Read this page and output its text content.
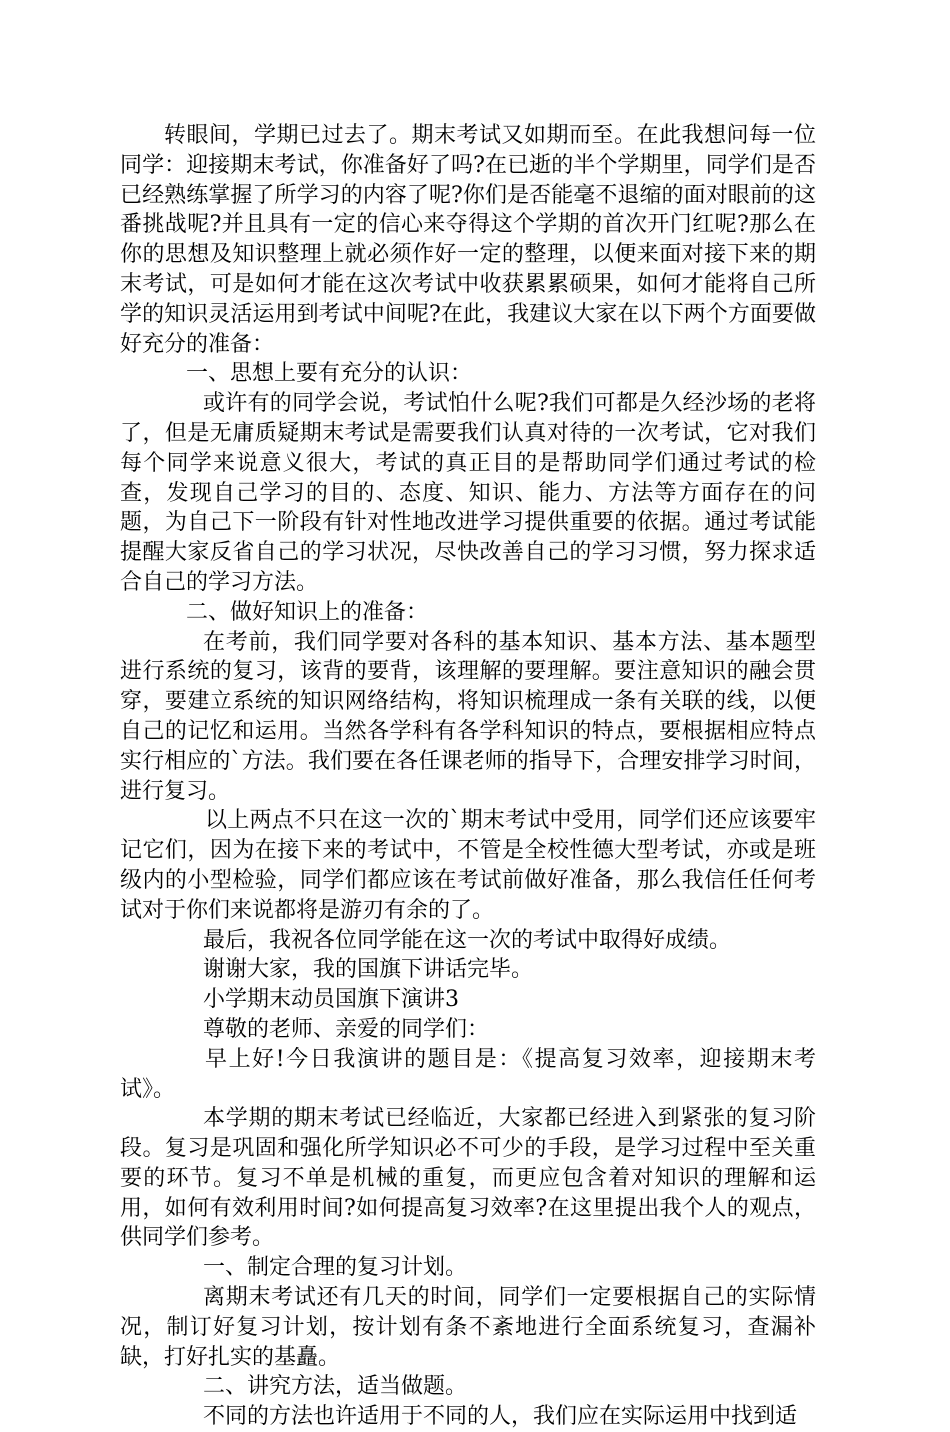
转眼间，学期已过去了。期末考试又如期而至。在此我想问每一位同学：迎接期末考试，你准备好了吗?在已逝的半个学期里，同学们是否已经熟练掌握了所学习的内容了呢?你们是否能毫不退缩的面对眼前的这番挑战呢?并且具有一定的信心来夺得这个学期的首次开门红呢?那么在你的思想及知识整理上就必须作好一定的整理，以便来面对接下来的期末考试，可是如何才能在这次考试中收获累累硕果，如何才能将自己所学的知识灵活运用到考试中间呢?在此，我建议大家在以下两个方面要做好充分的准备：

一、思想上要有充分的认识：

或许有的同学会说，考试怕什么呢?我们可都是久经沙场的老将了，但是无庸质疑期末考试是需要我们认真对待的一次考试，它对我们每个同学来说意义很大，考试的真正目的是帮助同学们通过考试的检查，发现自己学习的目的、态度、知识、能力、方法等方面存在的问题，为自己下一阶段有针对性地改进学习提供重要的依据。通过考试能提醒大家反省自己的学习状况，尽快改善自己的学习习惯，努力探求适合自己的学习方法。

二、做好知识上的准备：

在考前，我们同学要对各科的基本知识、基本方法、基本题型进行系统的复习，该背的要背，该理解的要理解。要注意知识的融会贯穿，要建立系统的知识网络结构，将知识梳理成一条有关联的线，以便自己的记忆和运用。当然各学科有各学科知识的特点，要根据相应特点实行相应的`方法。我们要在各任课老师的指导下，合理安排学习时间，进行复习。

以上两点不只在这一次的`期末考试中受用，同学们还应该要牢记它们，因为在接下来的考试中，不管是全校性德大型考试，亦或是班级内的小型检验，同学们都应该在考试前做好准备，那么我信任任何考试对于你们来说都将是游刃有余的了。

最后，我祝各位同学能在这一次的考试中取得好成绩。

谢谢大家，我的国旗下讲话完毕。

小学期末动员国旗下演讲3

尊敬的老师、亲爱的同学们：

早上好!今日我演讲的题目是：《提高复习效率，迎接期末考试》。

本学期的期末考试已经临近，大家都已经进入到紧张的复习阶段。复习是巩固和强化所学知识必不可少的手段，是学习过程中至关重要的环节。复习不单是机械的重复，而更应包含着对知识的理解和运用，如何有效利用时间?如何提高复习效率?在这里提出我个人的观点，供同学们参考。

一、制定合理的复习计划。

离期末考试还有几天的时间，同学们一定要根据自己的实际情况，制订好复习计划，按计划有条不紊地进行全面系统复习，查漏补缺，打好扎实的基矗。

二、讲究方法，适当做题。

不同的方法也许适用于不同的人，我们应在实际运用中找到适
